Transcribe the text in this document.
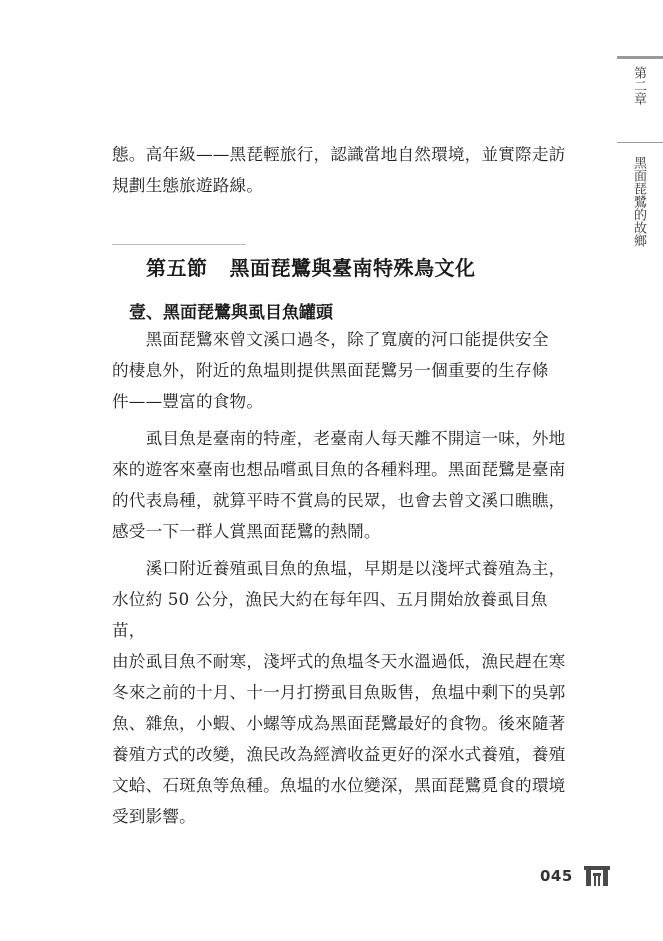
第二章
黑面琵鷺的故鄉

態。高年級——黑琵輕旅行，認識當地自然環境，並實際走訪
規劃生態旅遊路線。

第五節 黑面琵鷺與臺南特殊鳥文化
壹、黑面琵鷺與虱目魚罐頭

　　黑面琵鷺來曾文溪口過冬，除了寬廣的河口能提供安全
的棲息外，附近的魚塭則提供黑面琵鷺另一個重要的生存條
件——豐富的食物。

　　虱目魚是臺南的特產，老臺南人每天離不開這一味，外地
來的遊客來臺南也想品嚐虱目魚的各種料理。黑面琵鷺是臺南
的代表鳥種，就算平時不賞鳥的民眾，也會去曾文溪口瞧瞧，
感受一下一群人賞黑面琵鷺的熱鬧。

　　溪口附近養殖虱目魚的魚塭，早期是以淺坪式養殖為主，
水位約 50 公分，漁民大約在每年四、五月開始放養虱目魚苗，
由於虱目魚不耐寒，淺坪式的魚塭冬天水溫過低，漁民趕在寒
冬來之前的十月、十一月打撈虱目魚販售，魚塭中剩下的吳郭
魚、雜魚，小蝦、小螺等成為黑面琵鷺最好的食物。後來隨著
養殖方式的改變，漁民改為經濟收益更好的深水式養殖，養殖
文蛤、石斑魚等魚種。魚塭的水位變深，黑面琵鷺覓食的環境
受到影響。

045
